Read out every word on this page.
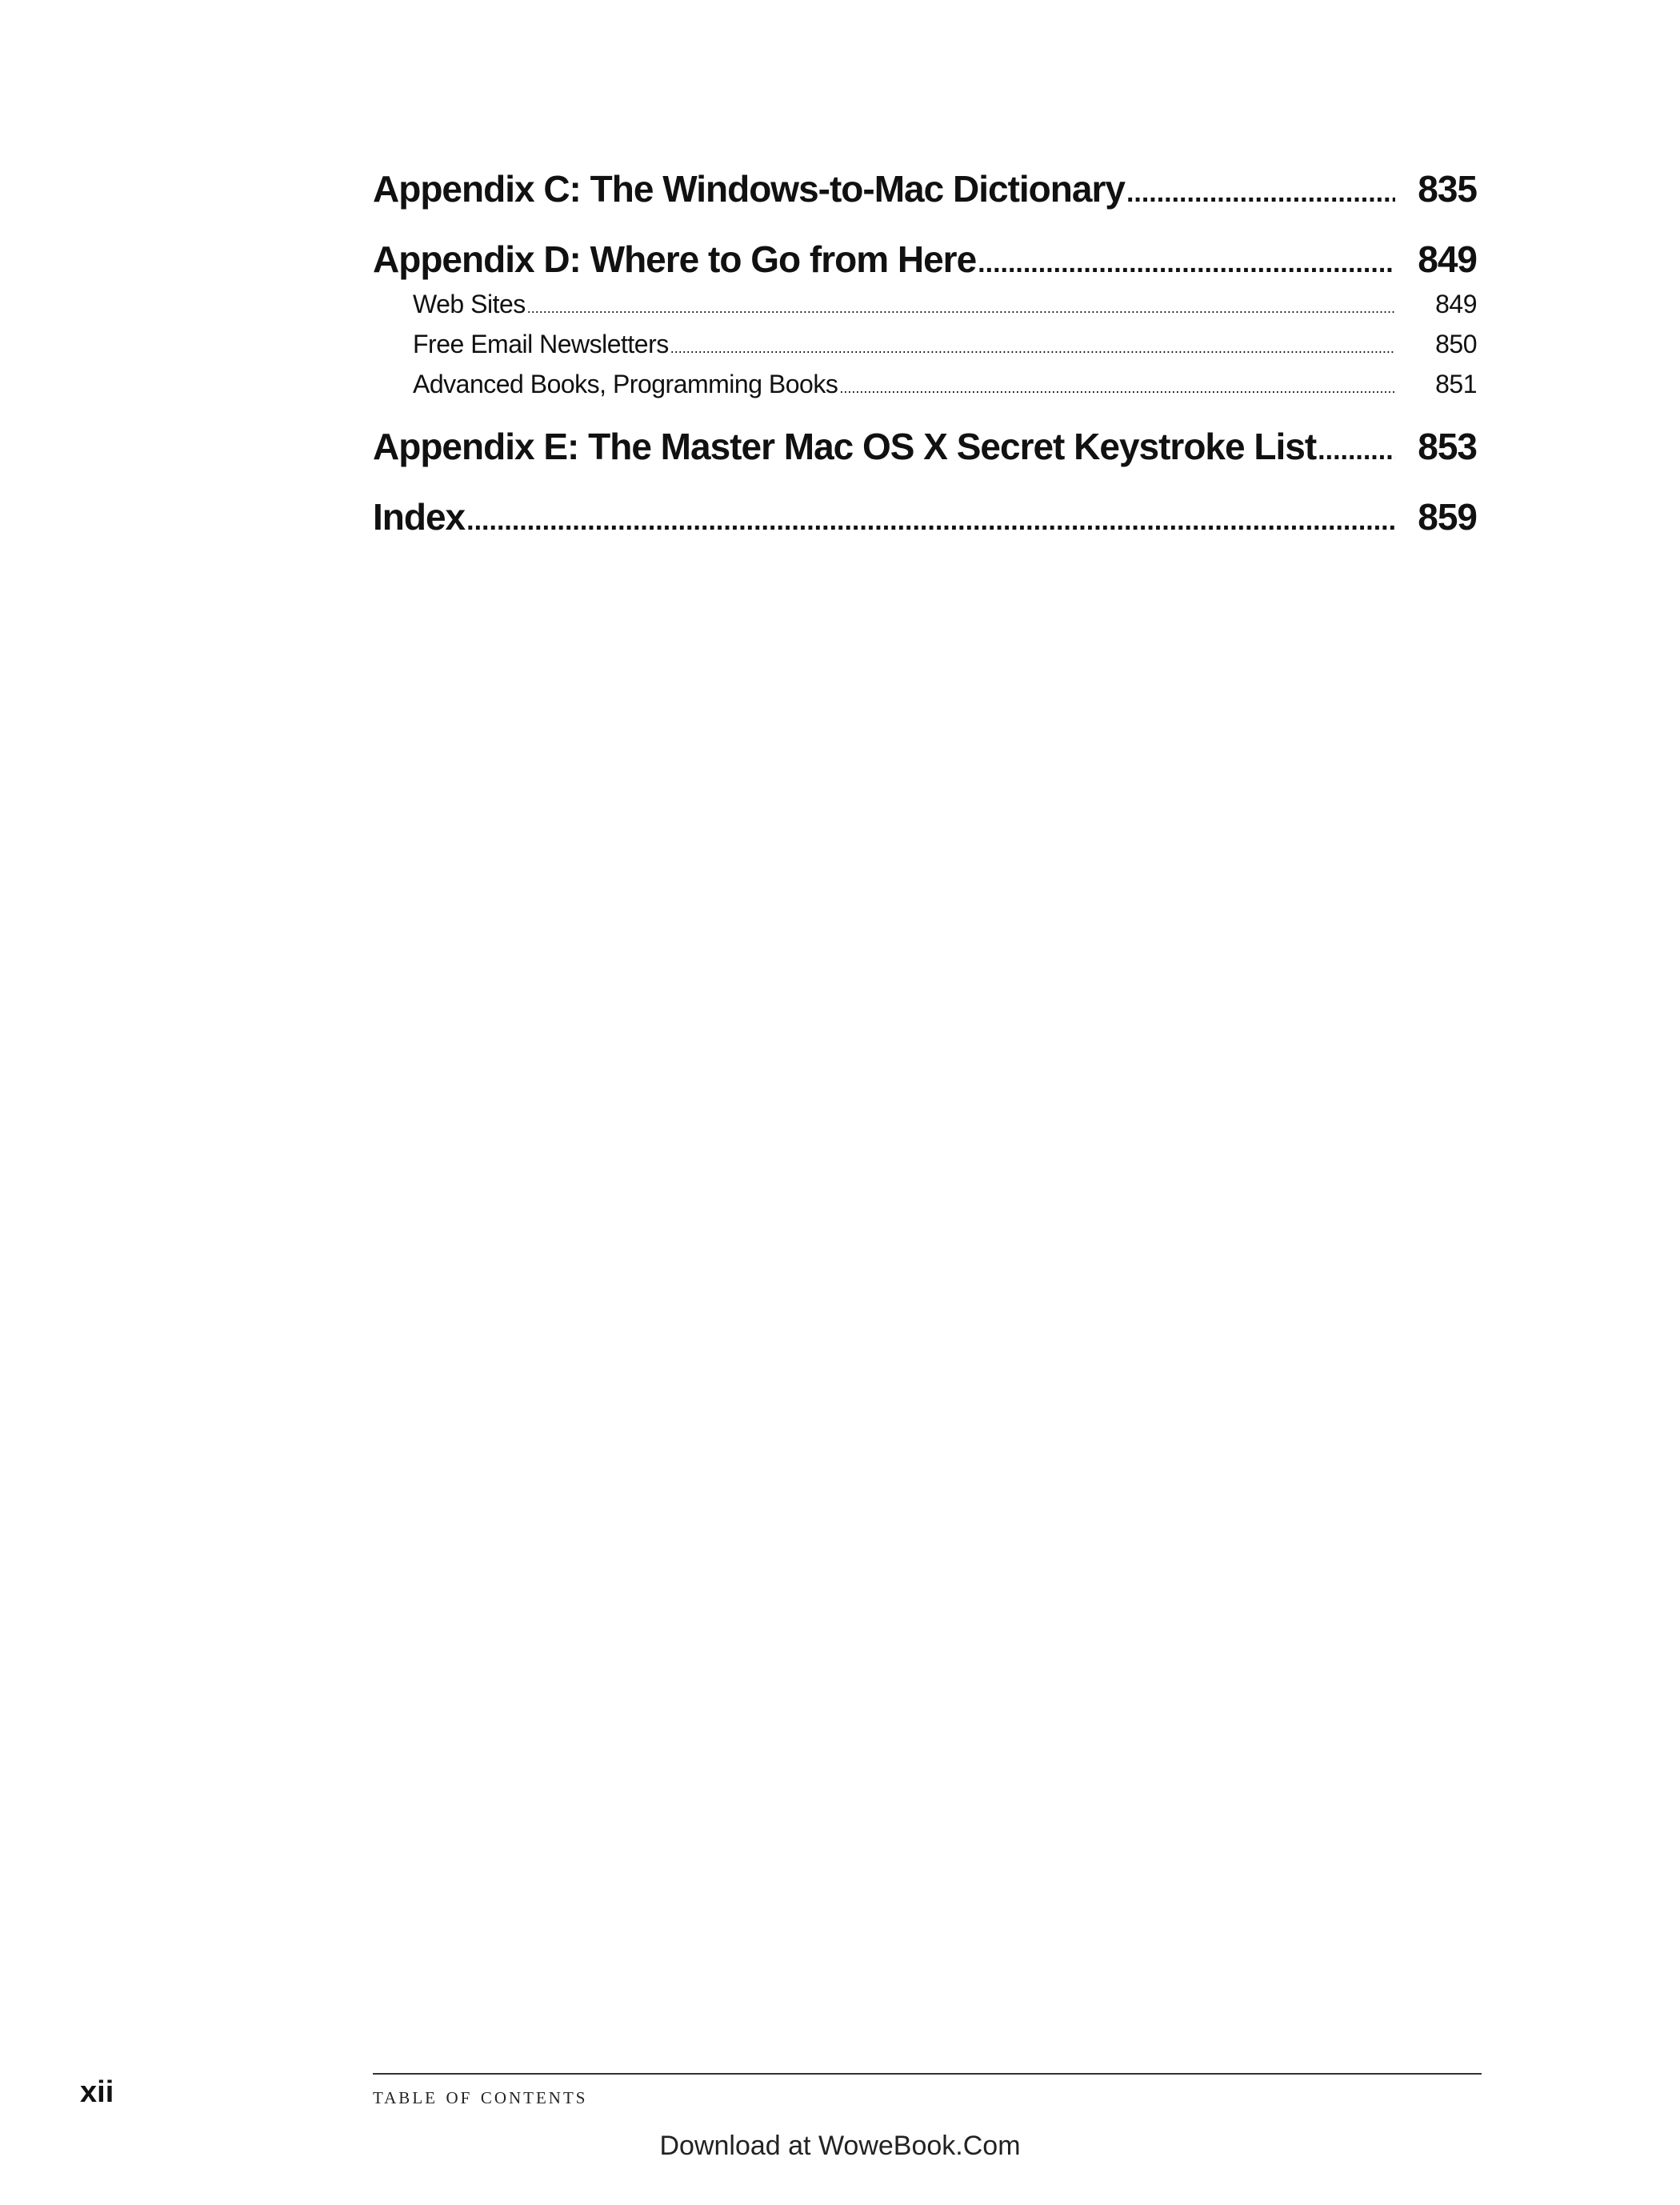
Appendix C: The Windows-to-Mac Dictionary .....	835
Appendix D: Where to Go from Here .....	849
Web Sites .....	849
Free Email Newsletters .....	850
Advanced Books, Programming Books .....	851
Appendix E: The Master Mac OS X Secret Keystroke List .....	853
Index .....	859
xii	table of contents
Download at WoweBook.Com
